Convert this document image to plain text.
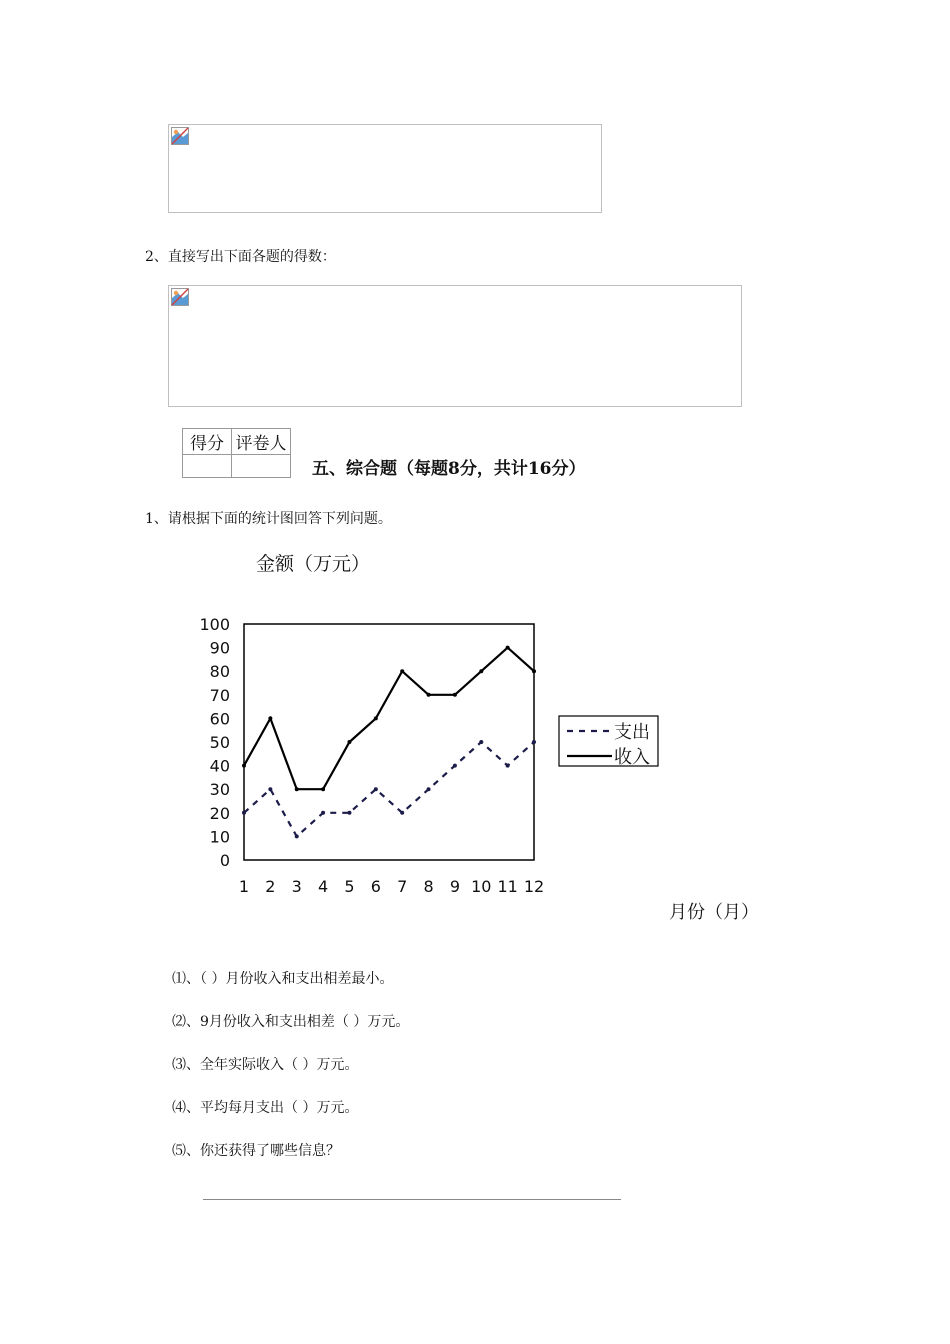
2、直接写出下面各题的得数：
得分	评卷人

五、综合题（每题8分，共计16分）
1、请根据下面的统计图回答下列问题。
金额（万元）
0
10
20
30
40
50
60
70
80
90
100
1 2 3 4 5 6 7 8 9 10 11 12
支出
收入
月份（月）
⑴、（ ）月份收入和支出相差最小。
⑵、9月份收入和支出相差（ ）万元。
⑶、全年实际收入（ ）万元。
⑷、平均每月支出（ ）万元。
⑸、你还获得了哪些信息？
